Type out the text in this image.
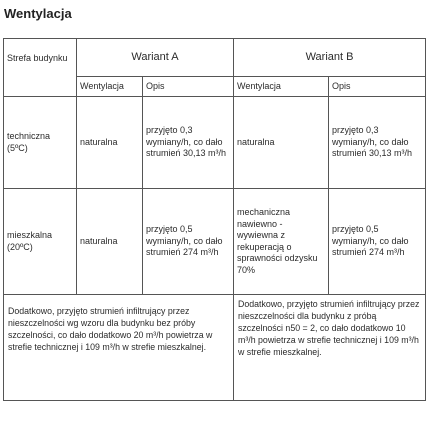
Wentylacja
Strefa budynku	Wariant A		Wariant B	
	Wentylacja	Opis	Wentylacja	Opis
techniczna (5ºC)	naturalna	przyjęto 0,3 wymiany/h, co dało strumień 30,13 m³/h	naturalna	przyjęto 0,3 wymiany/h, co dało strumień 30,13 m³/h
mieszkalna (20ºC)	naturalna	przyjęto 0,5 wymiany/h, co dało strumień 274 m³/h	mechaniczna nawiewno - wywiewna z rekuperacją o sprawności odzysku 70%	przyjęto 0,5 wymiany/h, co dało strumień 274 m³/h
Dodatkowo, przyjęto strumień infiltrujący przez nieszczelności wg wzoru dla budynku bez próby szczelności, co dało dodatkowo 20 m³/h powietrza w strefie technicznej i 109 m³/h w strefie mieszkalnej.			Dodatkowo, przyjęto strumień infiltrujący przez nieszczelności dla budynku z próbą szczelności n50 = 2, co dało dodatkowo 10 m³/h powietrza w strefie technicznej i 109 m³/h w strefie mieszkalnej.	
